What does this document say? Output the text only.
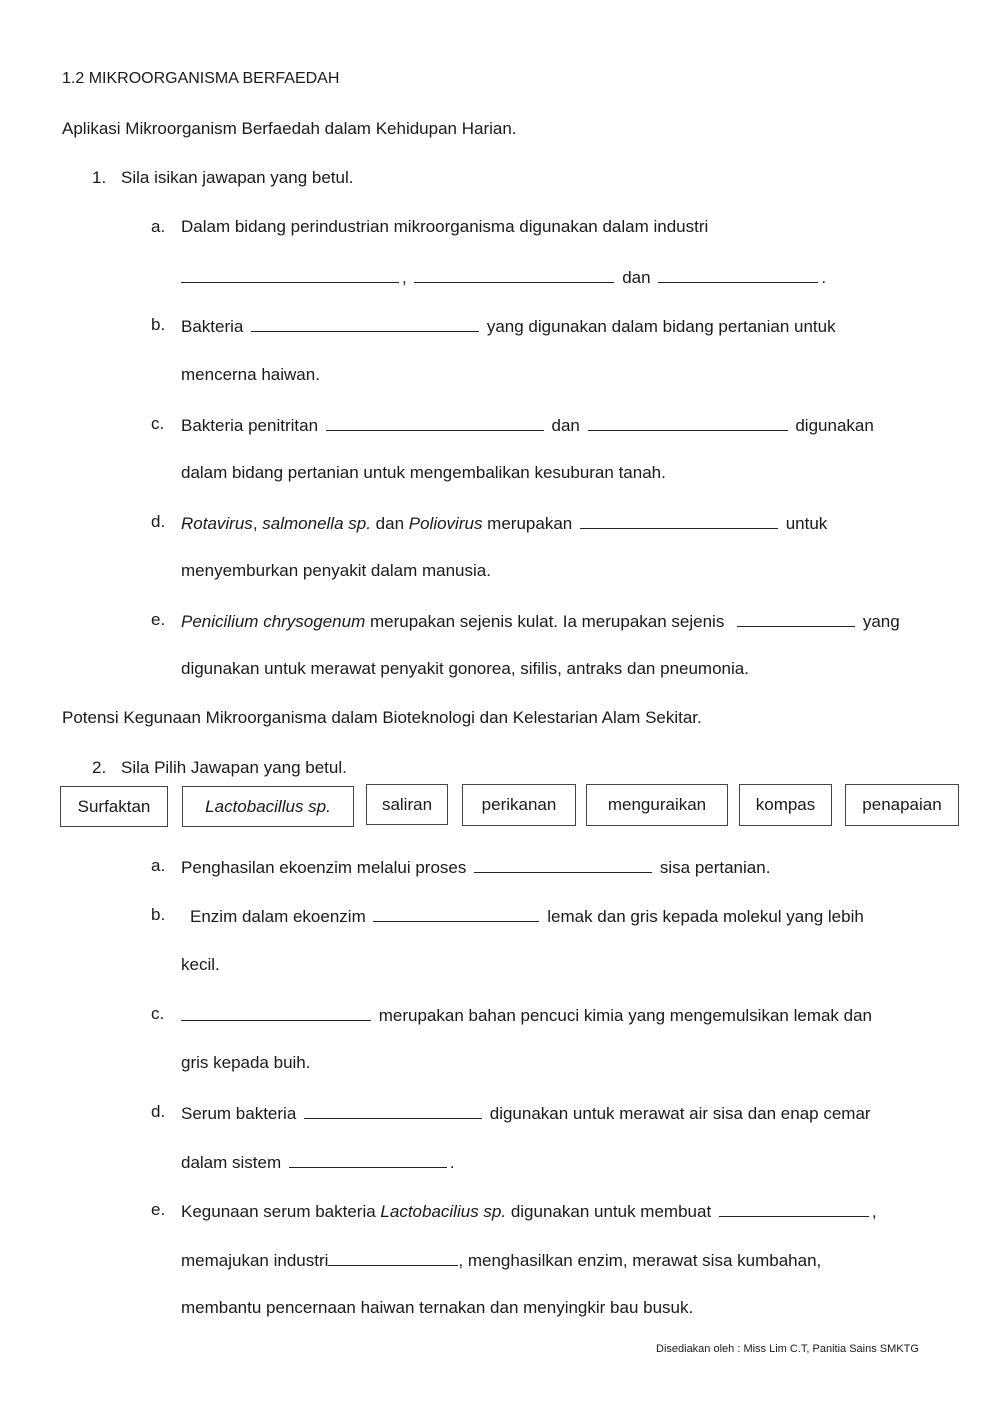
1.2 MIKROORGANISMA BERFAEDAH
Aplikasi Mikroorganism Berfaedah dalam Kehidupan Harian.
1. Sila isikan jawapan yang betul.
a. Dalam bidang perindustrian mikroorganisma digunakan dalam industri
,	dan	.
b. Bakteria	yang digunakan dalam bidang pertanian untuk
mencerna haiwan.
c. Bakteria penitritan	dan	digunakan
dalam bidang pertanian untuk mengembalikan kesuburan tanah.
d. Rotavirus, salmonella sp. dan Poliovirus merupakan	untuk
menyemburkan penyakit dalam manusia.
e. Penicilium chrysogenum merupakan sejenis kulat. Ia merupakan sejenis	yang
digunakan untuk merawat penyakit gonorea, sifilis, antraks dan pneumonia.
Potensi Kegunaan Mikroorganisma dalam Bioteknologi dan Kelestarian Alam Sekitar.
2. Sila Pilih Jawapan yang betul.
Surfaktan	Lactobacillus sp.	saliran	perikanan	menguraikan	kompas	penapaian
a. Penghasilan ekoenzim melalui proses	sisa pertanian.
b. Enzim dalam ekoenzim	lemak dan gris kepada molekul yang lebih
kecil.
c.	merupakan bahan pencuci kimia yang mengemulsikan lemak dan
gris kepada buih.
d. Serum bakteria	digunakan untuk merawat air sisa dan enap cemar
dalam sistem	.
e. Kegunaan serum bakteria Lactobacilius sp. digunakan untuk membuat	,
memajukan industri	, menghasilkan enzim, merawat sisa kumbahan,
membantu pencernaan haiwan ternakan dan menyingkir bau busuk.
Disediakan oleh : Miss Lim C.T, Panitia Sains SMKTG
